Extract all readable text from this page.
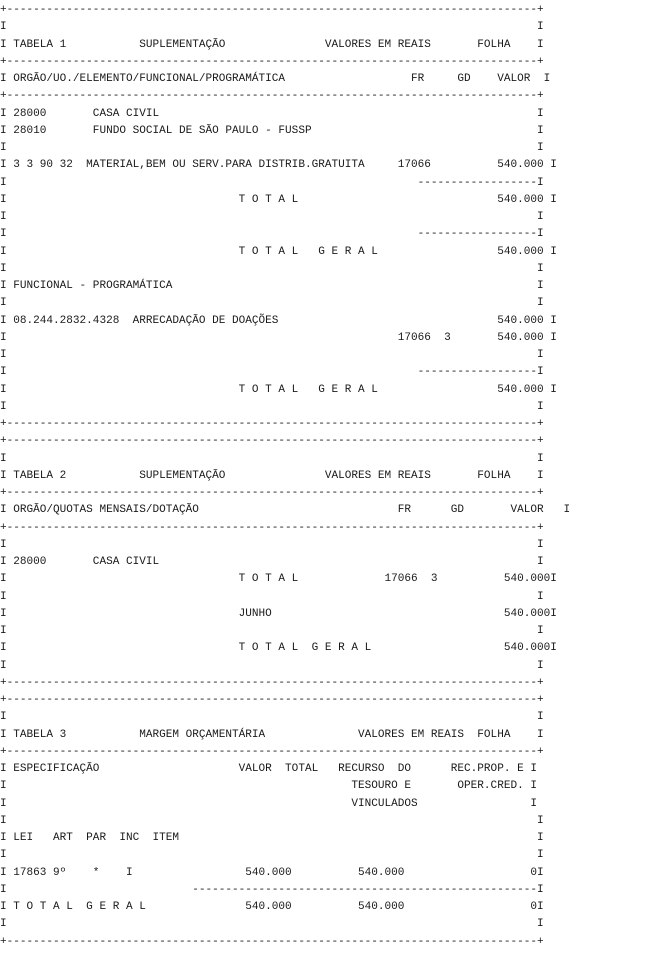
+--------------------------------------------------------------------------------+
I                                                                                I
I TABELA 1           SUPLEMENTAÇÃO               VALORES EM REAIS       FOLHA    I
+--------------------------------------------------------------------------------+
I ORGÃO/UO./ELEMENTO/FUNCIONAL/PROGRAMÁTICA                   FR     GD    VALOR  I
+--------------------------------------------------------------------------------+
I 28000       CASA CIVIL                                                         I
I 28010       FUNDO SOCIAL DE SÃO PAULO - FUSSP                                  I
I                                                                                I
I 3 3 90 32  MATERIAL,BEM OU SERV.PARA DISTRIB.GRATUITA     17066          540.000 I
I                                                              ------------------I
I                                   T O T A L                              540.000 I
I                                                                                I
I                                                              ------------------I
I                                   T O T A L   G E R A L                  540.000 I
I                                                                                I
I FUNCIONAL - PROGRAMÁTICA                                                       I
I                                                                                I
I 08.244.2832.4328  ARRECADAÇÃO DE DOAÇÕES                                 540.000 I
I                                                           17066  3       540.000 I
I                                                                                I
I                                                              ------------------I
I                                   T O T A L   G E R A L                  540.000 I
I                                                                                I
+--------------------------------------------------------------------------------+
+--------------------------------------------------------------------------------+
I                                                                                I
I TABELA 2           SUPLEMENTAÇÃO               VALORES EM REAIS       FOLHA    I
+--------------------------------------------------------------------------------+
I ORGÃO/QUOTAS MENSAIS/DOTAÇÃO                              FR      GD       VALOR   I
+--------------------------------------------------------------------------------+
I                                                                                I
I 28000       CASA CIVIL                                                         I
I                                   T O T A L             17066  3          540.000I
I                                                                                I
I                                   JUNHO                                   540.000I
I                                                                                I
I                                   T O T A L  G E R A L                    540.000I
I                                                                                I
+--------------------------------------------------------------------------------+
+--------------------------------------------------------------------------------+
I                                                                                I
I TABELA 3           MARGEM ORÇAMENTÁRIA              VALORES EM REAIS  FOLHA    I
+--------------------------------------------------------------------------------+
I ESPECIFICAÇÃO                     VALOR  TOTAL   RECURSO  DO      REC.PROP. E I
I                                                    TESOURO E       OPER.CRED. I
I                                                    VINCULADOS                 I
I                                                                                I
I LEI   ART  PAR  INC  ITEM                                                      I
I                                                                                I
I 17863 9º    *    I                 540.000          540.000                   0I
I                            ----------------------------------------------------I
I T O T A L  G E R A L               540.000          540.000                   0I
I                                                                                I
+--------------------------------------------------------------------------------+
